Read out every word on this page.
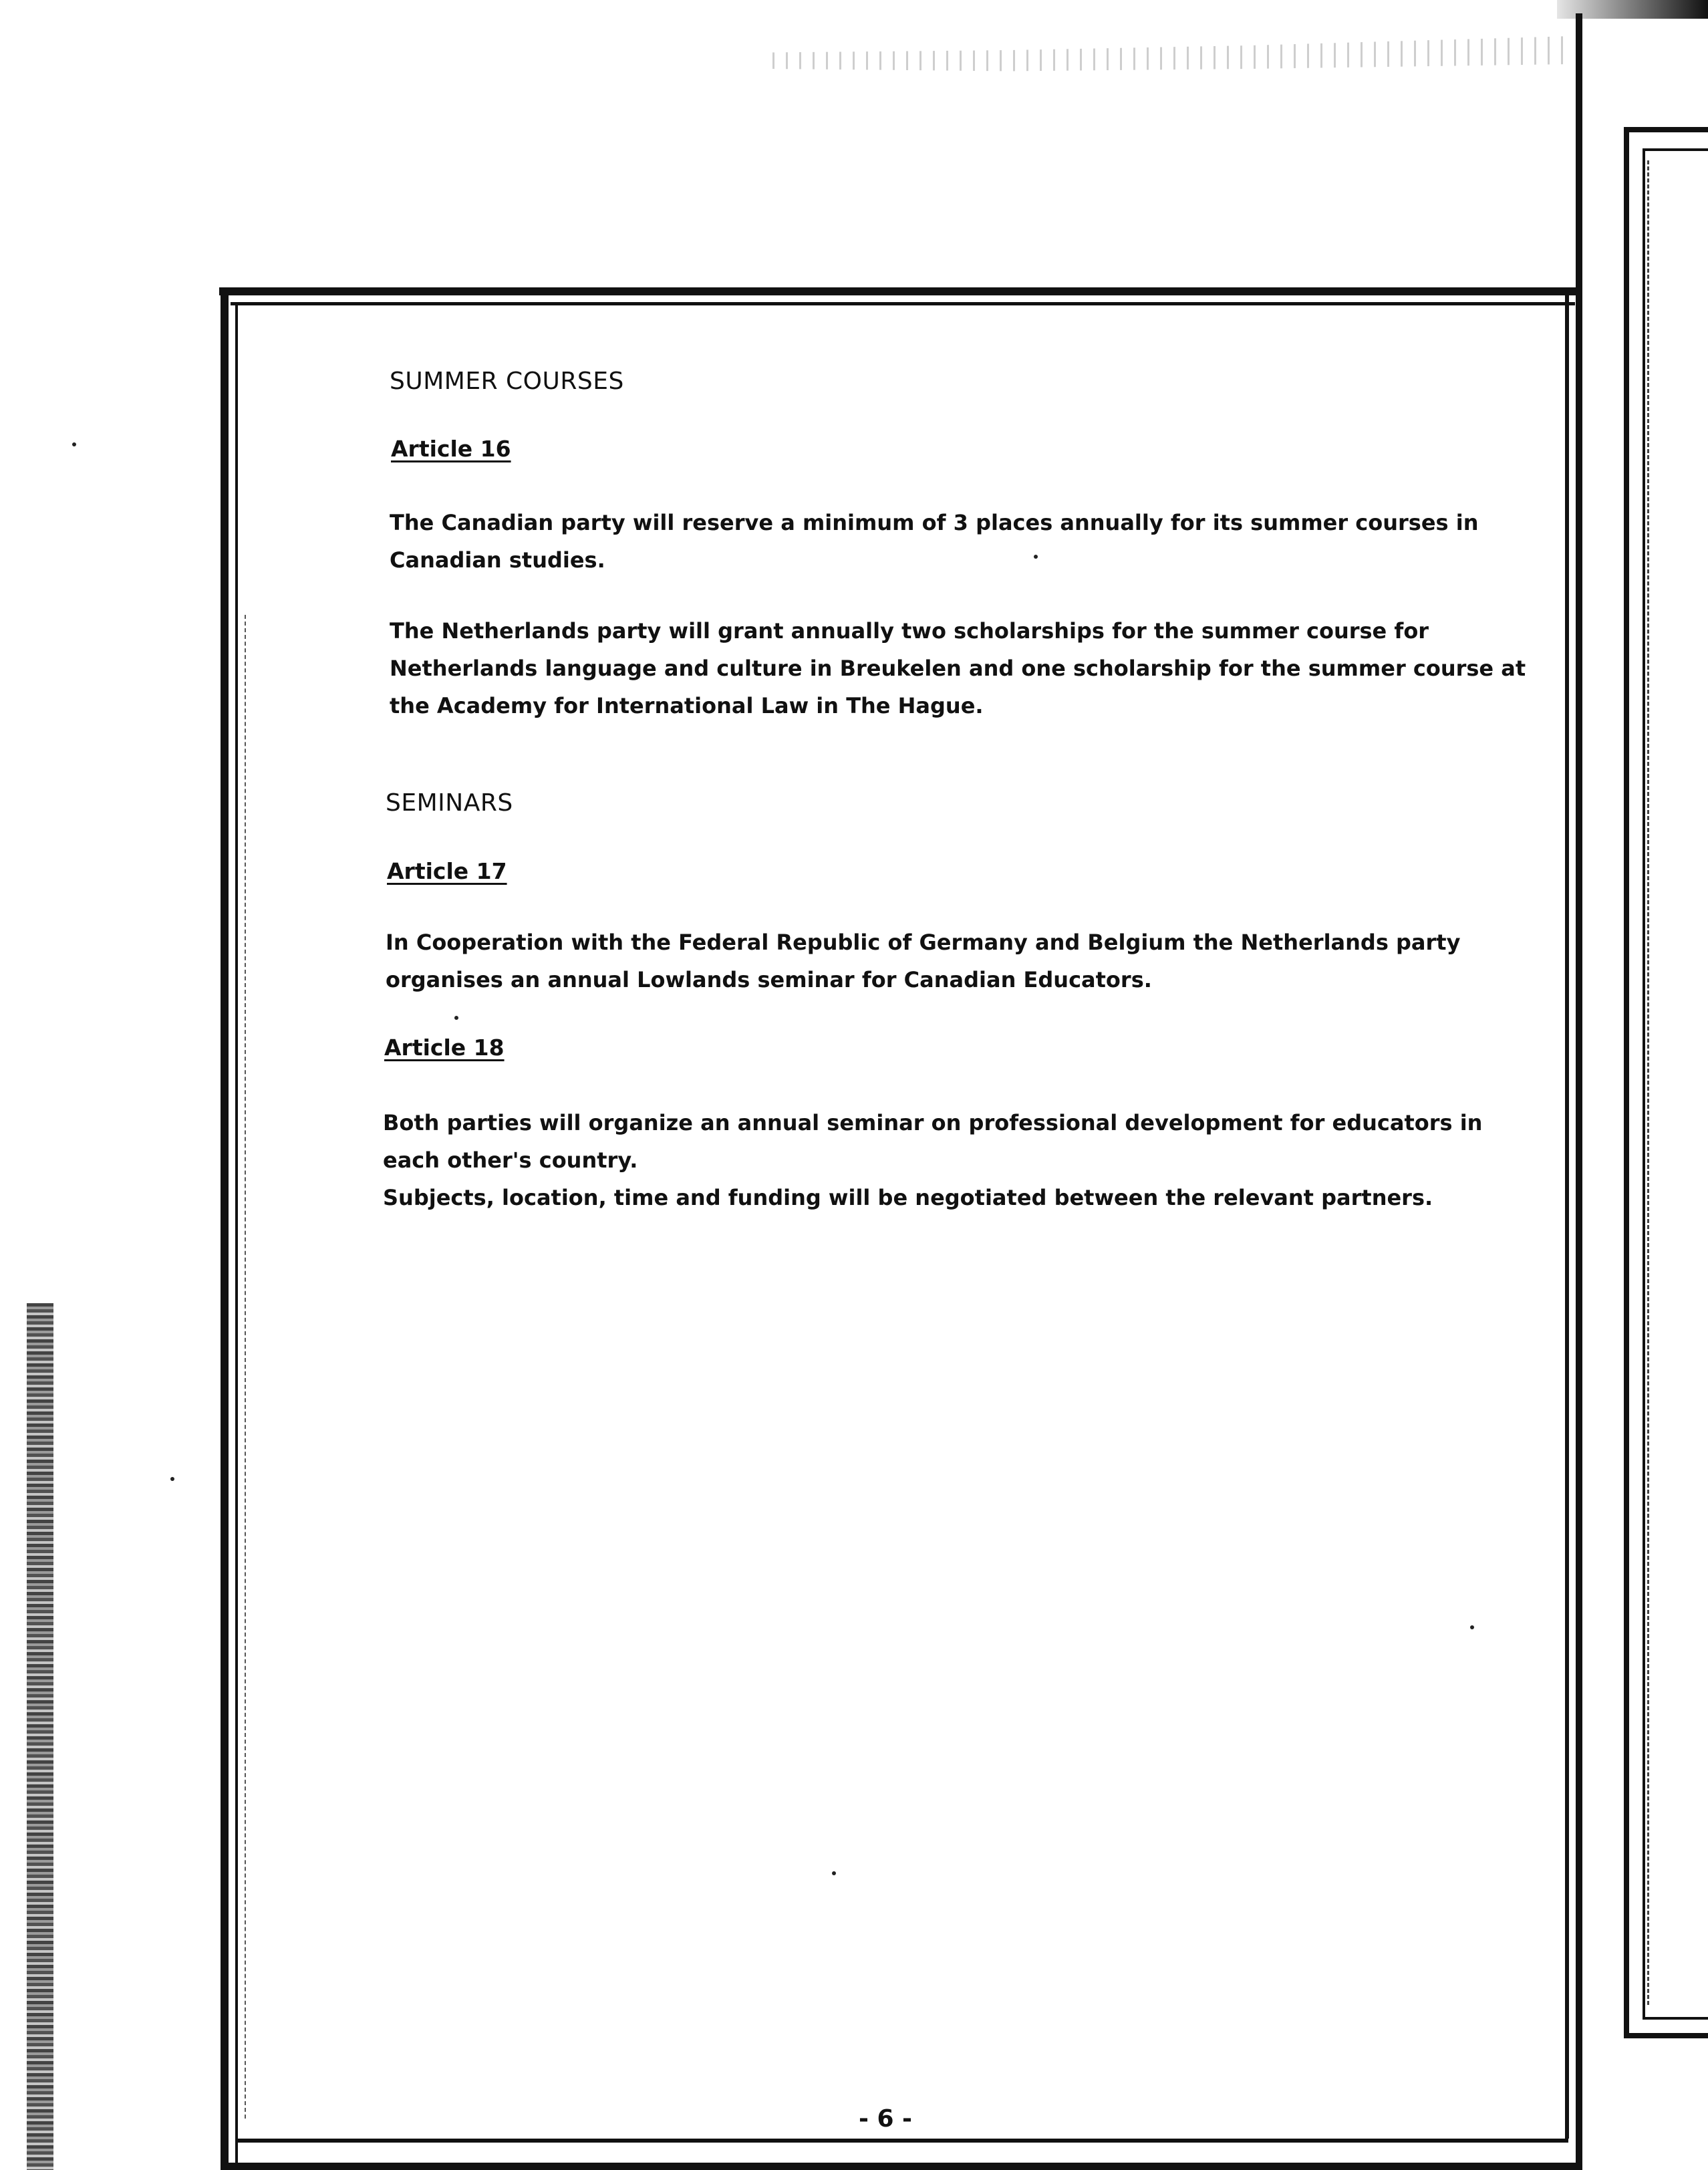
SUMMER COURSES
Article 16
The Canadian party will reserve a minimum of 3 places annually for its summer courses in
Canadian studies.
The Netherlands party will grant annually two scholarships for the summer course for
Netherlands language and culture in Breukelen and one scholarship for the summer course at
the Academy for International Law in The Hague.
SEMINARS
Article 17
In Cooperation with the Federal Republic of Germany and Belgium the Netherlands party
organises an annual Lowlands seminar for Canadian Educators.
Article 18
Both parties will organize an annual seminar on professional development for educators in
each other's country.
Subjects, location, time and funding will be negotiated between the relevant partners.
- 6 -
